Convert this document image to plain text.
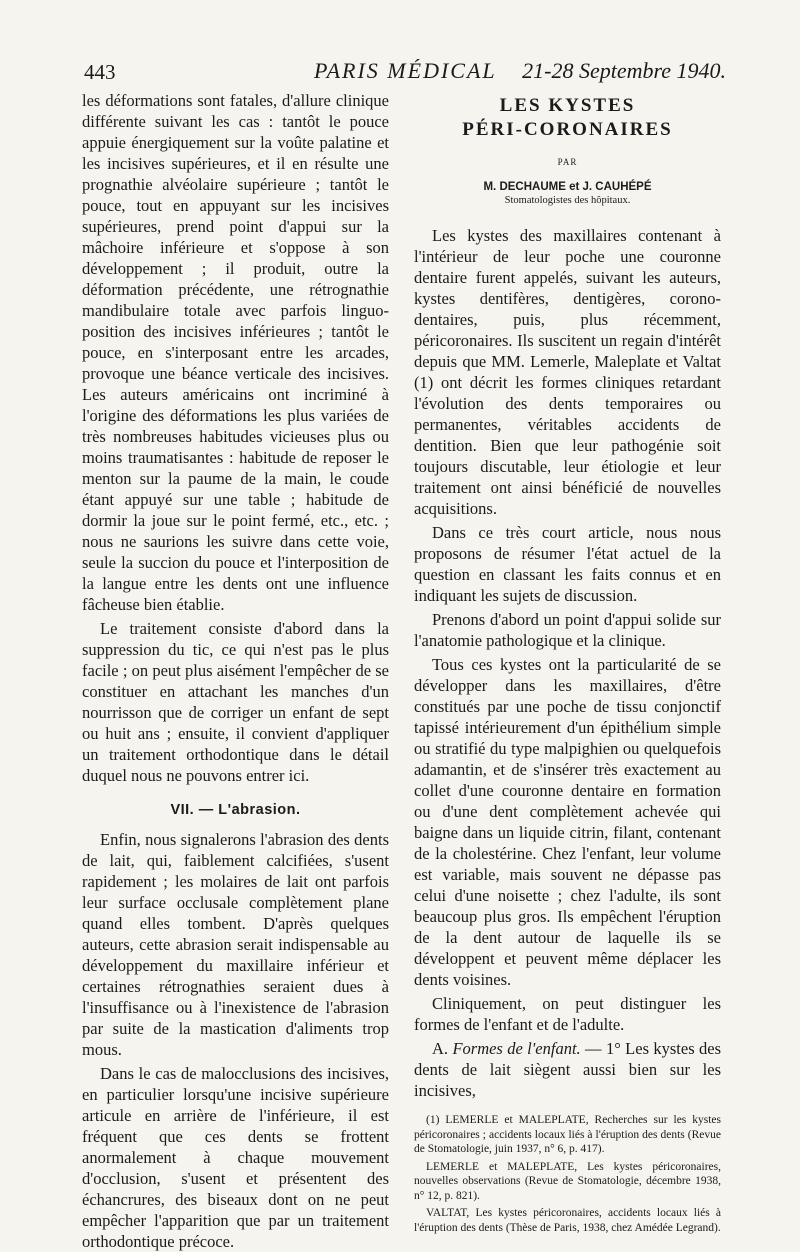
443	PARIS MÉDICAL 21-28 Septembre 1940.

les déformations sont fatales, d'allure clinique différente suivant les cas : tantôt le pouce appuie énergiquement sur la voûte palatine et les incisives supérieures, et il en résulte une prognathie alvéolaire supérieure ; tantôt le pouce, tout en appuyant sur les incisives supérieures, prend point d'appui sur la mâchoire inférieure et s'oppose à son développement ; il produit, outre la déformation précédente, une rétrognathie mandibulaire totale avec parfois linguo-position des incisives inférieures ; tantôt le pouce, en s'interposant entre les arcades, provoque une béance verticale des incisives. Les auteurs américains ont incriminé à l'origine des déformations les plus variées de très nombreuses habitudes vicieuses plus ou moins traumatisantes : habitude de reposer le menton sur la paume de la main, le coude étant appuyé sur une table ; habitude de dormir la joue sur le point fermé, etc., etc. ; nous ne saurions les suivre dans cette voie, seule la succion du pouce et l'interposition de la langue entre les dents ont une influence fâcheuse bien établie.

Le traitement consiste d'abord dans la suppression du tic, ce qui n'est pas le plus facile ; on peut plus aisément l'empêcher de se constituer en attachant les manches d'un nourrisson que de corriger un enfant de sept ou huit ans ; ensuite, il convient d'appliquer un traitement orthodontique dans le détail duquel nous ne pouvons entrer ici.

VII. — L'abrasion.

Enfin, nous signalerons l'abrasion des dents de lait, qui, faiblement calcifiées, s'usent rapidement ; les molaires de lait ont parfois leur surface occlusale complètement plane quand elles tombent. D'après quelques auteurs, cette abrasion serait indispensable au développement du maxillaire inférieur et certaines rétrognathies seraient dues à l'insuffisance ou à l'inexistence de l'abrasion par suite de la mastication d'aliments trop mous.

Dans le cas de malocclusions des incisives, en particulier lorsqu'une incisive supérieure articule en arrière de l'inférieure, il est fréquent que ces dents se frottent anormalement à chaque mouvement d'occlusion, s'usent et présentent des échancrures, des biseaux dont on ne peut empêcher l'apparition que par un traitement orthodontique précoce.

LES KYSTES
PÉRI-CORONAIRES
PAR
M. DECHAUME et J. CAUHÉPÉ
Stomatologistes des hôpitaux.

Les kystes des maxillaires contenant à l'intérieur de leur poche une couronne dentaire furent appelés, suivant les auteurs, kystes dentifères, dentigères, corono-dentaires, puis, plus récemment, péricoronaires. Ils suscitent un regain d'intérêt depuis que MM. Lemerle, Maleplate et Valtat (1) ont décrit les formes cliniques retardant l'évolution des dents temporaires ou permanentes, véritables accidents de dentition. Bien que leur pathogénie soit toujours discutable, leur étiologie et leur traitement ont ainsi bénéficié de nouvelles acquisitions.

Dans ce très court article, nous nous proposons de résumer l'état actuel de la question en classant les faits connus et en indiquant les sujets de discussion.

Prenons d'abord un point d'appui solide sur l'anatomie pathologique et la clinique.

Tous ces kystes ont la particularité de se développer dans les maxillaires, d'être constitués par une poche de tissu conjonctif tapissé intérieurement d'un épithélium simple ou stratifié du type malpighien ou quelquefois adamantin, et de s'insérer très exactement au collet d'une couronne dentaire en formation ou d'une dent complètement achevée qui baigne dans un liquide citrin, filant, contenant de la cholestérine. Chez l'enfant, leur volume est variable, mais souvent ne dépasse pas celui d'une noisette ; chez l'adulte, ils sont beaucoup plus gros. Ils empêchent l'éruption de la dent autour de laquelle ils se développent et peuvent même déplacer les dents voisines.

Cliniquement, on peut distinguer les formes de l'enfant et de l'adulte.

A. Formes de l'enfant. — 1° Les kystes des dents de lait siègent aussi bien sur les incisives,

(1) LEMERLE et MALEPLATE, Recherches sur les kystes péricoronaires ; accidents locaux liés à l'éruption des dents (Revue de Stomatologie, juin 1937, n° 6, p. 417).

LEMERLE et MALEPLATE, Les kystes péricoronaires, nouvelles observations (Revue de Stomatologie, décembre 1938, n° 12, p. 821).

VALTAT, Les kystes péricoronaires, accidents locaux liés à l'éruption des dents (Thèse de Paris, 1938, chez Amédée Legrand).
